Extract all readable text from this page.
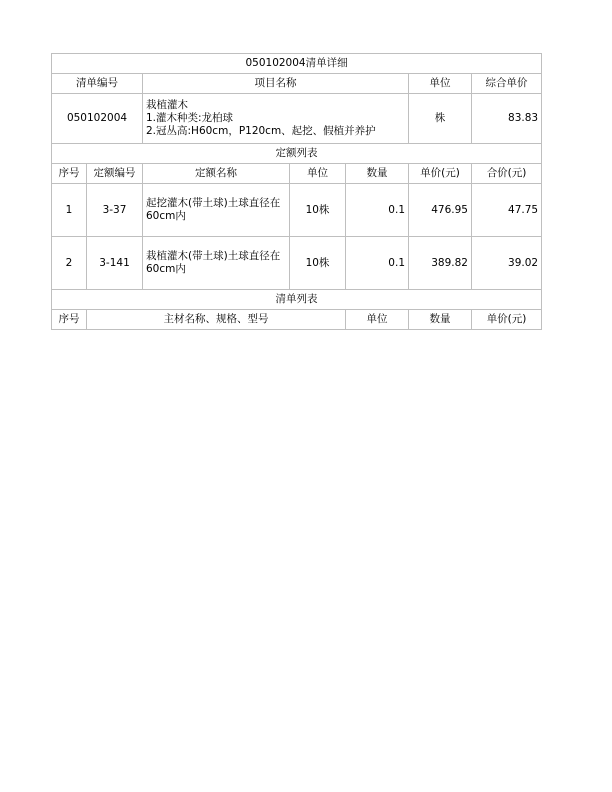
050102004清单详细						
清单编号		项目名称			单位	综合单价
050102004		栽植灌木
1.灌木种类:龙柏球
2.冠丛高:H60cm，P120cm、起挖、假植并养护			株	83.83
定额列表						
序号	定额编号	定额名称	单位	数量	单价(元)	合价(元)
1	3-37	起挖灌木(带土球)土球直径在60cm内	10株	0.1	476.95	47.75
2	3-141	栽植灌木(带土球)土球直径在60cm内	10株	0.1	389.82	39.02
清单列表						
序号	主材名称、规格、型号			单位	数量	单价(元)
